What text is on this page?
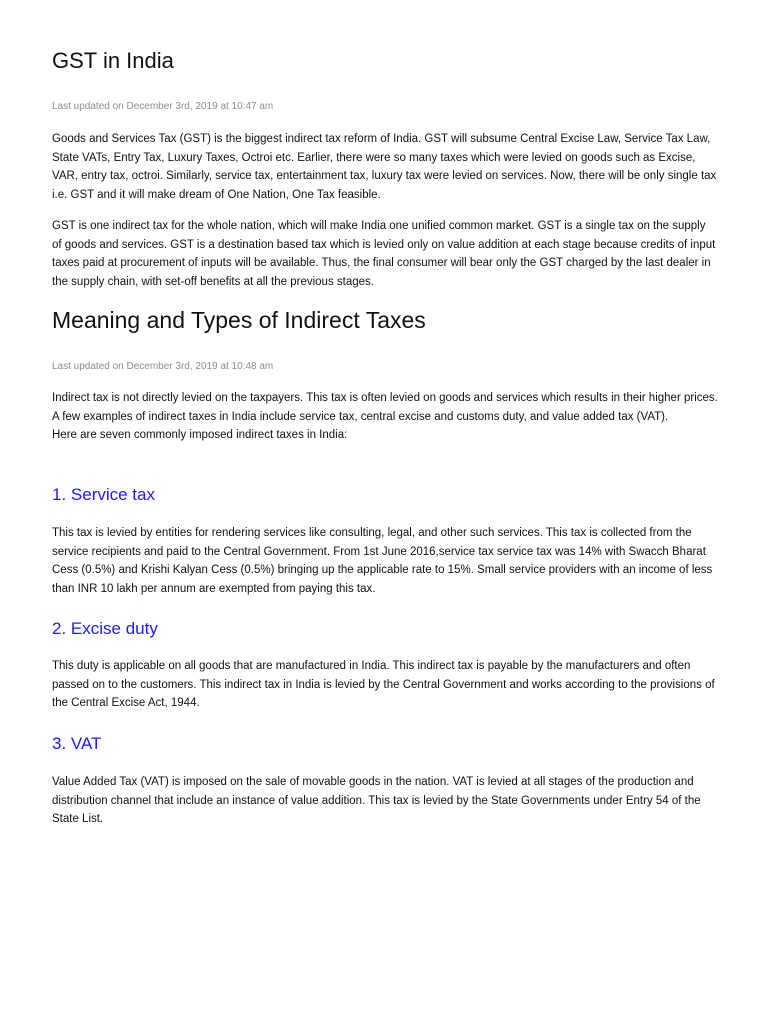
GST in India

Last updated on December 3rd, 2019 at 10:47 am

Goods and Services Tax (GST) is the biggest indirect tax reform of India. GST will subsume Central Excise Law, Service Tax Law, State VATs, Entry Tax, Luxury Taxes, Octroi etc. Earlier, there were so many taxes which were levied on goods such as Excise, VAR, entry tax, octroi. Similarly, service tax, entertainment tax, luxury tax were levied on services. Now, there will be only single tax i.e. GST and it will make dream of One Nation, One Tax feasible.

GST is one indirect tax for the whole nation, which will make India one unified common market. GST is a single tax on the supply of goods and services. GST is a destination based tax which is levied only on value addition at each stage because credits of input taxes paid at procurement of inputs will be available. Thus, the final consumer will bear only the GST charged by the last dealer in the supply chain, with set-off benefits at all the previous stages.

Meaning and Types of Indirect Taxes

Last updated on December 3rd, 2019 at 10:48 am

Indirect tax is not directly levied on the taxpayers. This tax is often levied on goods and services which results in their higher prices. A few examples of indirect taxes in India include service tax, central excise and customs duty, and value added tax (VAT).

Here are seven commonly imposed indirect taxes in India:

1. Service tax

This tax is levied by entities for rendering services like consulting, legal, and other such services. This tax is collected from the service recipients and paid to the Central Government. From 1st June 2016,service tax service tax was 14% with Swacch Bharat Cess (0.5%) and Krishi Kalyan Cess (0.5%) bringing up the applicable rate to 15%. Small service providers with an income of less than INR 10 lakh per annum are exempted from paying this tax.

2. Excise duty

This duty is applicable on all goods that are manufactured in India. This indirect tax is payable by the manufacturers and often passed on to the customers. This indirect tax in India is levied by the Central Government and works according to the provisions of the Central Excise Act, 1944.

3. VAT

Value Added Tax (VAT) is imposed on the sale of movable goods in the nation. VAT is levied at all stages of the production and distribution channel that include an instance of value addition. This tax is levied by the State Governments under Entry 54 of the State List.
